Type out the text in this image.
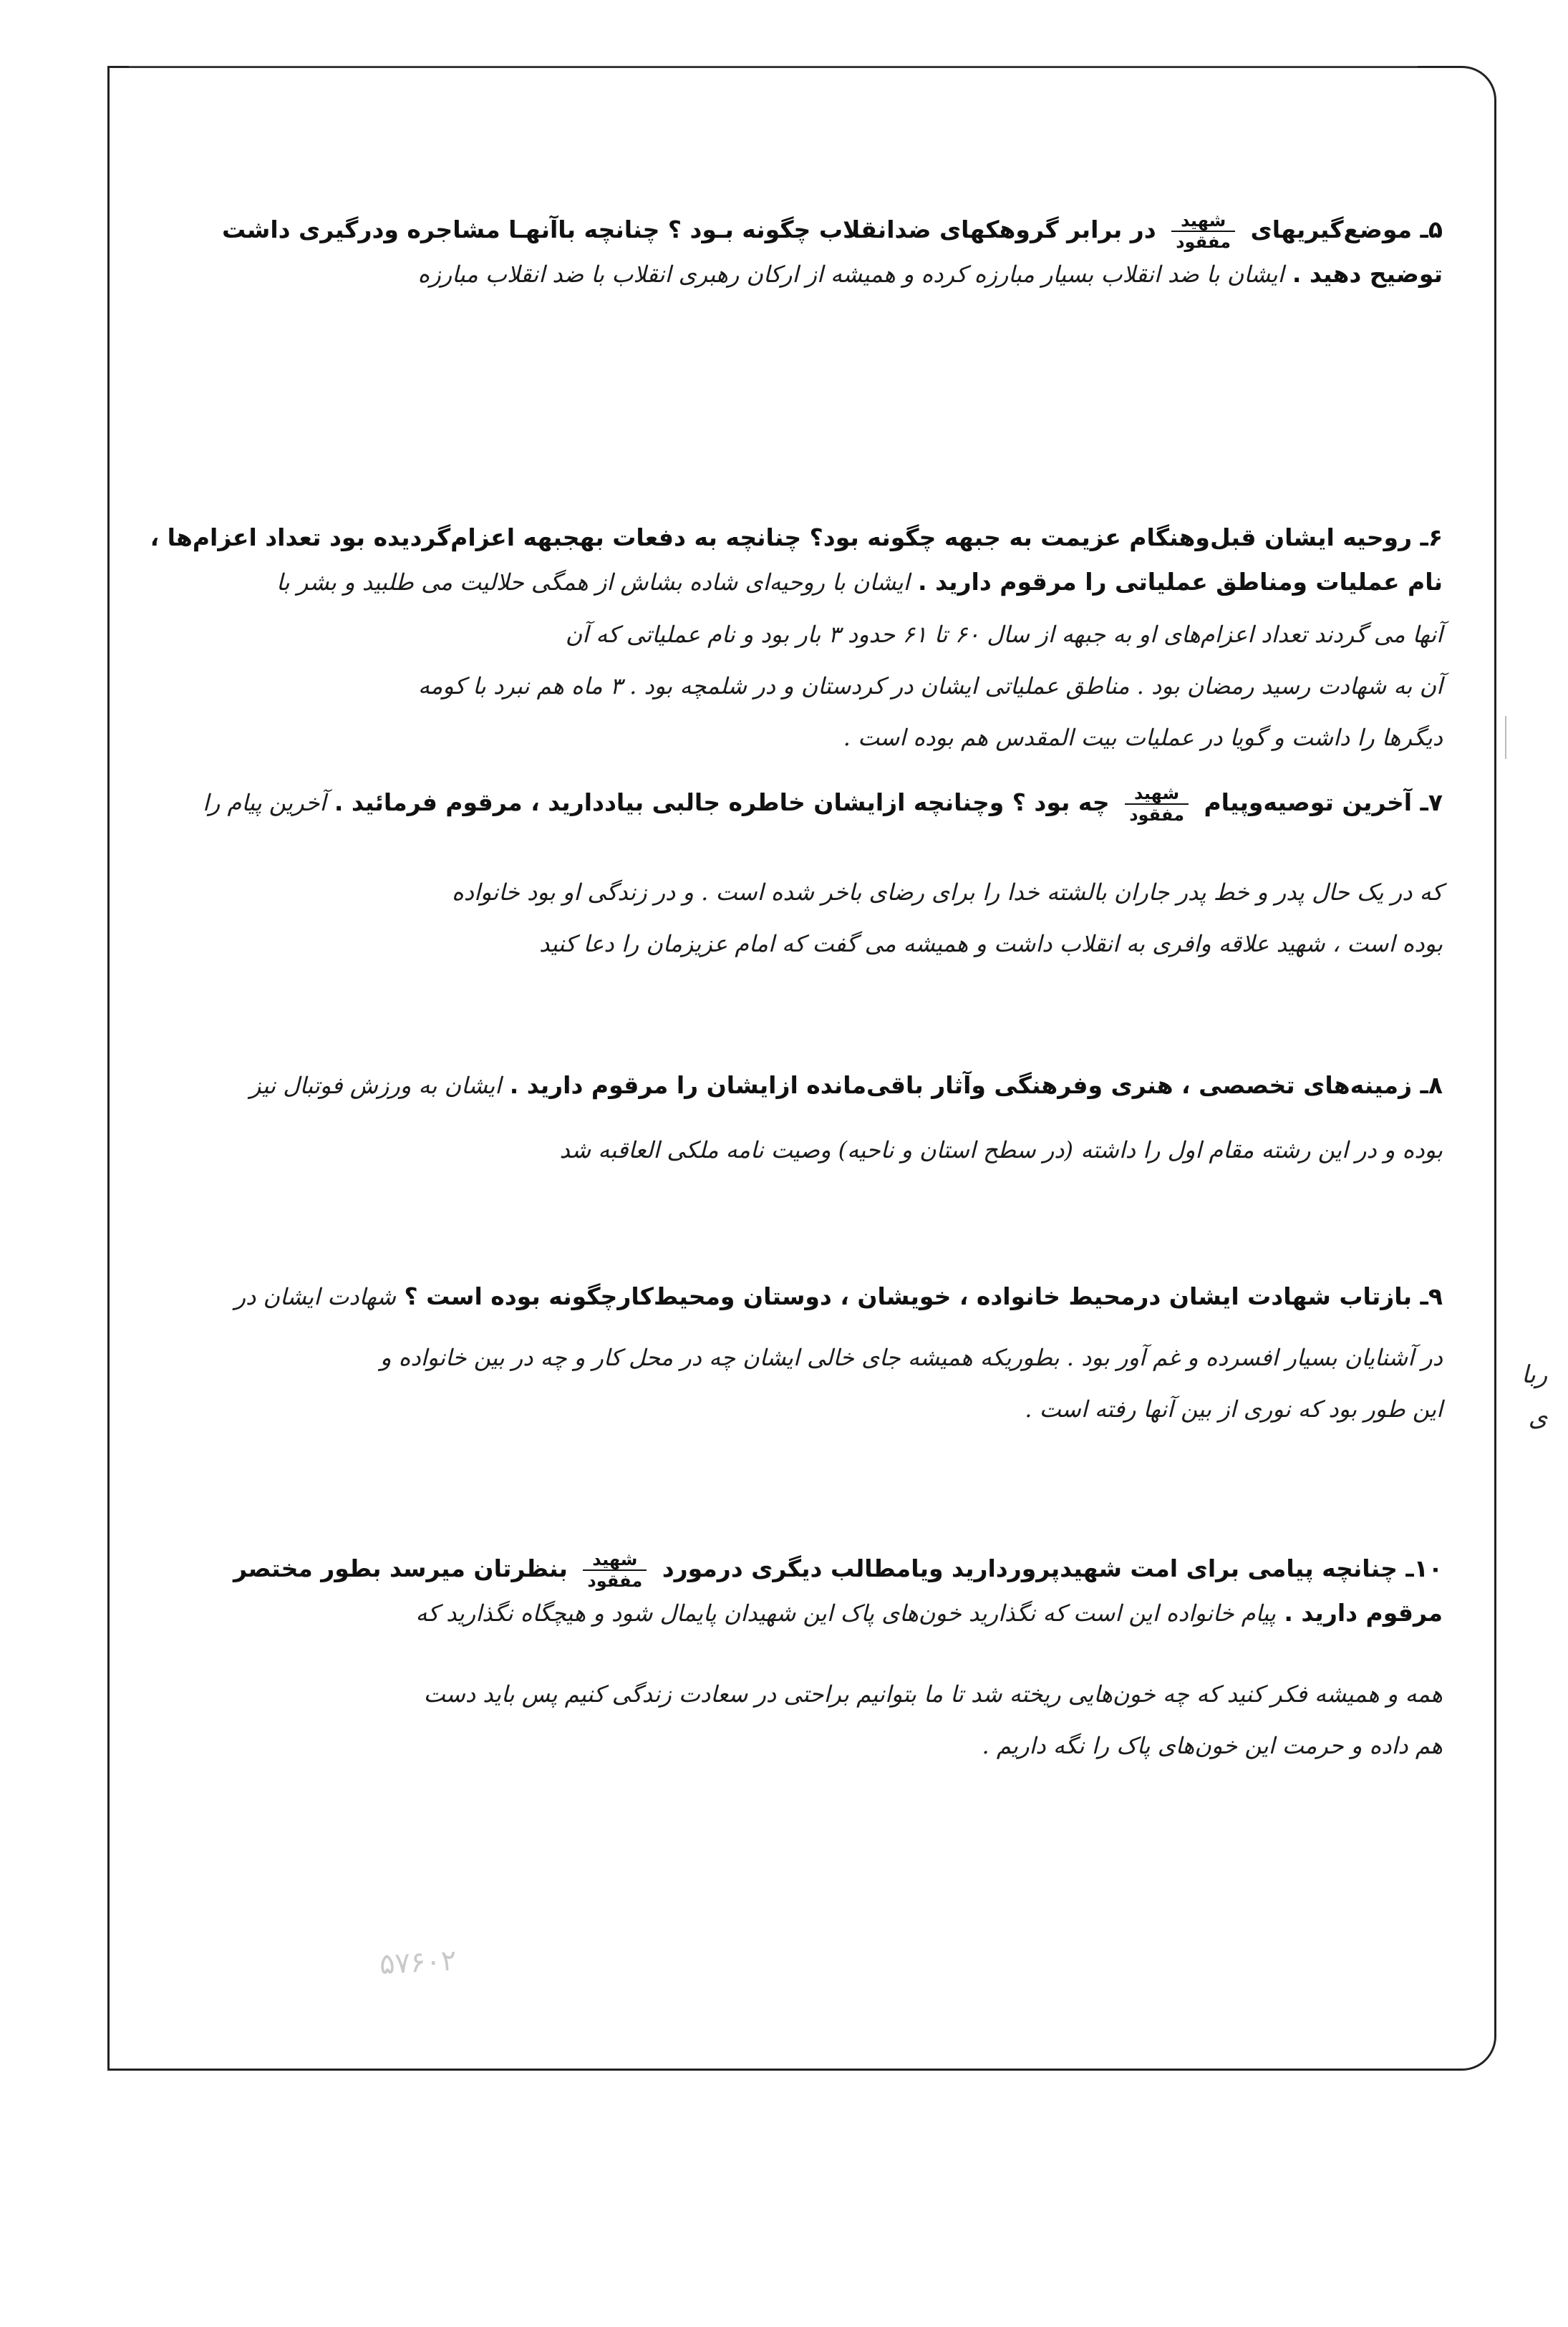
۵ـ موضع‌گیریهای
$\frac{\text{شهید}}{\text{مفقود}}$
در برابر گروهکهای ضدانقلاب چگونه بـود ؟ چنانچه باآنهـا مشاجره ودرگیری داشت
توضیح دهید . ایشان با ضد انقلاب بسیار مبارزه کرده و همیشه از ارکان رهبری انقلاب با ضد انقلاب مبارزه
۶ـ روحیه ایشان قبل‌وهنگام عزیمت به جبهه چگونه بود؟ چنانچه به دفعات بهجبهه اعزام‌گردیده بود تعداد اعزام‌ها ،
نام عملیات ومناطق عملیاتی را مرقوم دارید . ایشان با روحیه‌ای شاده بشاش از همگی حلالیت می طلبید و بشر با
آنها می گردند تعداد اعزام‌های او به جبهه از سال ۶۰ تا ۶۱ حدود ۳ بار بود و نام عملیاتی که آن
آن به شهادت رسید رمضان بود . مناطق عملیاتی ایشان در کردستان و در شلمچه بود . ۳ ماه هم نبرد با کومه
دیگرها را داشت و گویا در عملیات بیت المقدس هم بوده است .
۷ـ آخرین توصیه‌وپیام
$\frac{\text{شهید}}{\text{مفقود}}$
چه بود ؟ وچنانچه ازایشان خاطره جالبی بیاددارید ، مرقوم فرمائید . آخرین پیام را
که در یک حال پدر و خط پدر جاران بالشته خدا را برای رضای باخر شده است . و در زندگی او بود خانواده
بوده است ، شهید علاقه وافری به انقلاب داشت و همیشه می گفت که امام عزیزمان را دعا کنید
۸ـ زمینه‌های تخصصی ، هنری وفرهنگی وآثار باقی‌مانده ازایشان را مرقوم دارید . ایشان به ورزش فوتبال نیز
بوده و در این رشته مقام اول را داشته (در سطح استان و ناحیه) وصیت نامه ملکی العاقبه شد
۹ـ بازتاب شهادت ایشان درمحیط خانواده ، خویشان ، دوستان ومحیط‌کارچگونه بوده است ؟ شهادت ایشان در
در آشنایان بسیار افسرده و غم آور بود . بطوریکه همیشه جای خالی ایشان چه در محل کار و چه در بین خانواده و
این طور بود که نوری از بین آنها رفته است .
۱۰ـ چنانچه پیامی برای امت شهیدپروردارید ویامطالب دیگری درمورد
$\frac{\text{شهید}}{\text{مفقود}}$
بنظرتان میرسد بطور مختصر
مرقوم دارید . پیام خانواده این است که نگذارید خون‌های پاک این شهیدان پایمال شود و هیچگاه نگذارید که
همه و همیشه فکر کنید که چه خون‌هایی ریخته شد تا ما بتوانیم براحتی در سعادت زندگی کنیم پس باید دست
هم داده و حرمت این خون‌های پاک را نگه داریم .
ربا
ی
۵۷۶۰۲
